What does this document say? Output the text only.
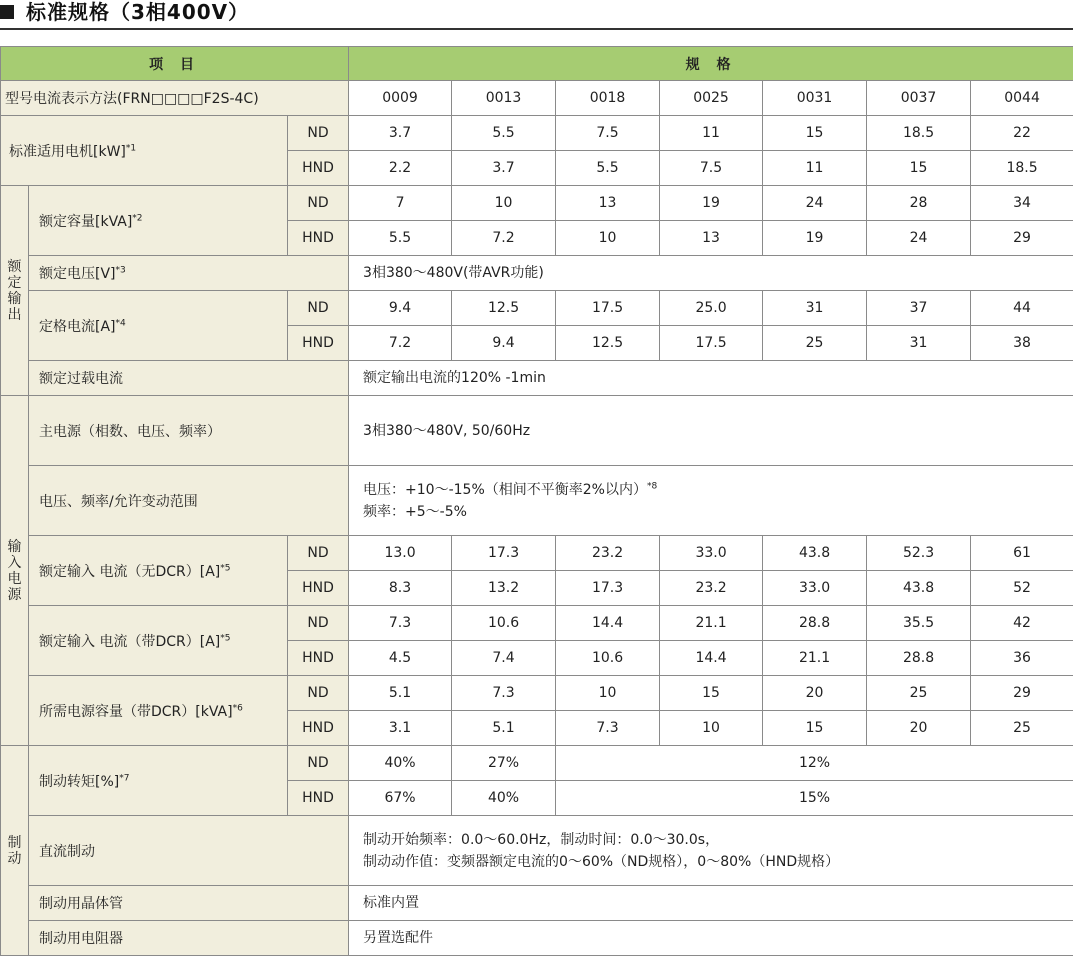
标准规格（3相400V）
项 目			规 格						
型号电流表示方法(FRN□□□□F2S-4C)			0009	0013	0018	0025	0031	0037	0044
标准适用电机[kW]$^{*1}$		ND	3.7	5.5	7.5	11	15	18.5	22
		HND	2.2	3.7	5.5	7.5	11	15	18.5

额
定
输
出	额定容量[kVA]$^{*2}$	ND	7	10	13	19	24	28	34
		HND	5.5	7.2	10	13	19	24	29
	额定电压$[V]^{*3}$		3相380～480V(带AVR功能)						
	定格电流$[A]^{*4}$	ND	9.4	12.5	17.5	25.0	31	37	44
		HND	7.2	9.4	12.5	17.5	25	31	38
	额定过载电流		额定输出电流的120% -1min						

输
入
电
源	主电源（相数、电压、频率）		3相380～480V, 50/60Hz						
	电压、频率/允许变动范围		电压：+10～-15%（相间不平衡率2%以内）$^{*8}$
频率：+5～-5%						

	额定输入 电流（无$DCR)[A]^{*5}$	ND	13.0	17.3	23.2	33.0	43.8	52.3	61
		HND	8.3	13.2	17.3	23.2	33.0	43.8	52
	额定输入 电流（带$DCR)[A]^{*5}$	ND	7.3	10.6	14.4	21.1	28.8	35.5	42
		HND	4.5	7.4	10.6	14.4	21.1	28.8	36
	所需电源容量（带DCR）[kVA]$^{*6}$	ND	5.1	7.3	10	15	20	25	29
		HND	3.1	5.1	7.3	10	15	20	25

制
动	制动转矩[%]$^{*7}$	ND	40%	27%	12%				
		HND	67%	40%	15%				
	直流制动		制动开始频率：0.0～60.0Hz，制动时间：0.0～30.0s，
制动动作值：变频器额定电流的0～60%（ND规格），0～80%（HND规格）						

	制动用晶体管		标准内置						
	制动用电阻器		另置选配件						
